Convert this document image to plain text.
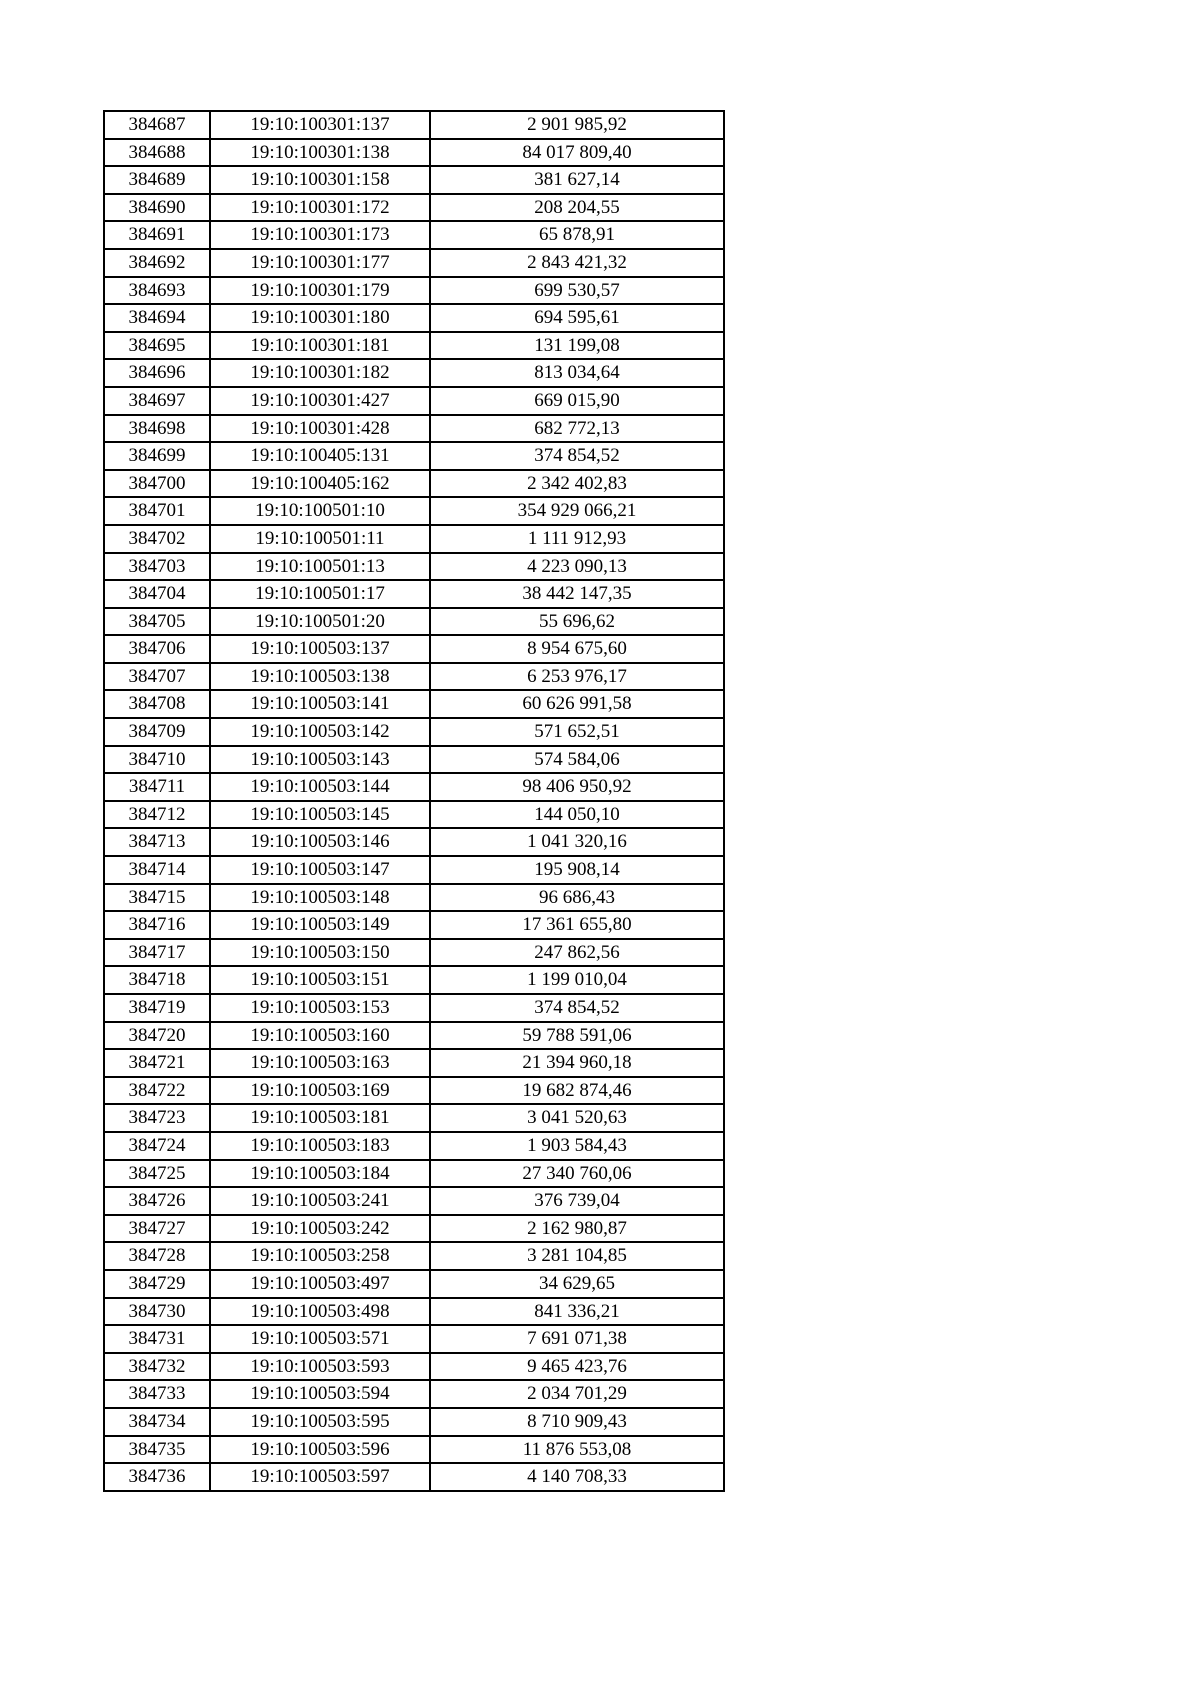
384687	19:10:100301:137	2 901 985,92
384688	19:10:100301:138	84 017 809,40
384689	19:10:100301:158	381 627,14
384690	19:10:100301:172	208 204,55
384691	19:10:100301:173	65 878,91
384692	19:10:100301:177	2 843 421,32
384693	19:10:100301:179	699 530,57
384694	19:10:100301:180	694 595,61
384695	19:10:100301:181	131 199,08
384696	19:10:100301:182	813 034,64
384697	19:10:100301:427	669 015,90
384698	19:10:100301:428	682 772,13
384699	19:10:100405:131	374 854,52
384700	19:10:100405:162	2 342 402,83
384701	19:10:100501:10	354 929 066,21
384702	19:10:100501:11	1 111 912,93
384703	19:10:100501:13	4 223 090,13
384704	19:10:100501:17	38 442 147,35
384705	19:10:100501:20	55 696,62
384706	19:10:100503:137	8 954 675,60
384707	19:10:100503:138	6 253 976,17
384708	19:10:100503:141	60 626 991,58
384709	19:10:100503:142	571 652,51
384710	19:10:100503:143	574 584,06
384711	19:10:100503:144	98 406 950,92
384712	19:10:100503:145	144 050,10
384713	19:10:100503:146	1 041 320,16
384714	19:10:100503:147	195 908,14
384715	19:10:100503:148	96 686,43
384716	19:10:100503:149	17 361 655,80
384717	19:10:100503:150	247 862,56
384718	19:10:100503:151	1 199 010,04
384719	19:10:100503:153	374 854,52
384720	19:10:100503:160	59 788 591,06
384721	19:10:100503:163	21 394 960,18
384722	19:10:100503:169	19 682 874,46
384723	19:10:100503:181	3 041 520,63
384724	19:10:100503:183	1 903 584,43
384725	19:10:100503:184	27 340 760,06
384726	19:10:100503:241	376 739,04
384727	19:10:100503:242	2 162 980,87
384728	19:10:100503:258	3 281 104,85
384729	19:10:100503:497	34 629,65
384730	19:10:100503:498	841 336,21
384731	19:10:100503:571	7 691 071,38
384732	19:10:100503:593	9 465 423,76
384733	19:10:100503:594	2 034 701,29
384734	19:10:100503:595	8 710 909,43
384735	19:10:100503:596	11 876 553,08
384736	19:10:100503:597	4 140 708,33
